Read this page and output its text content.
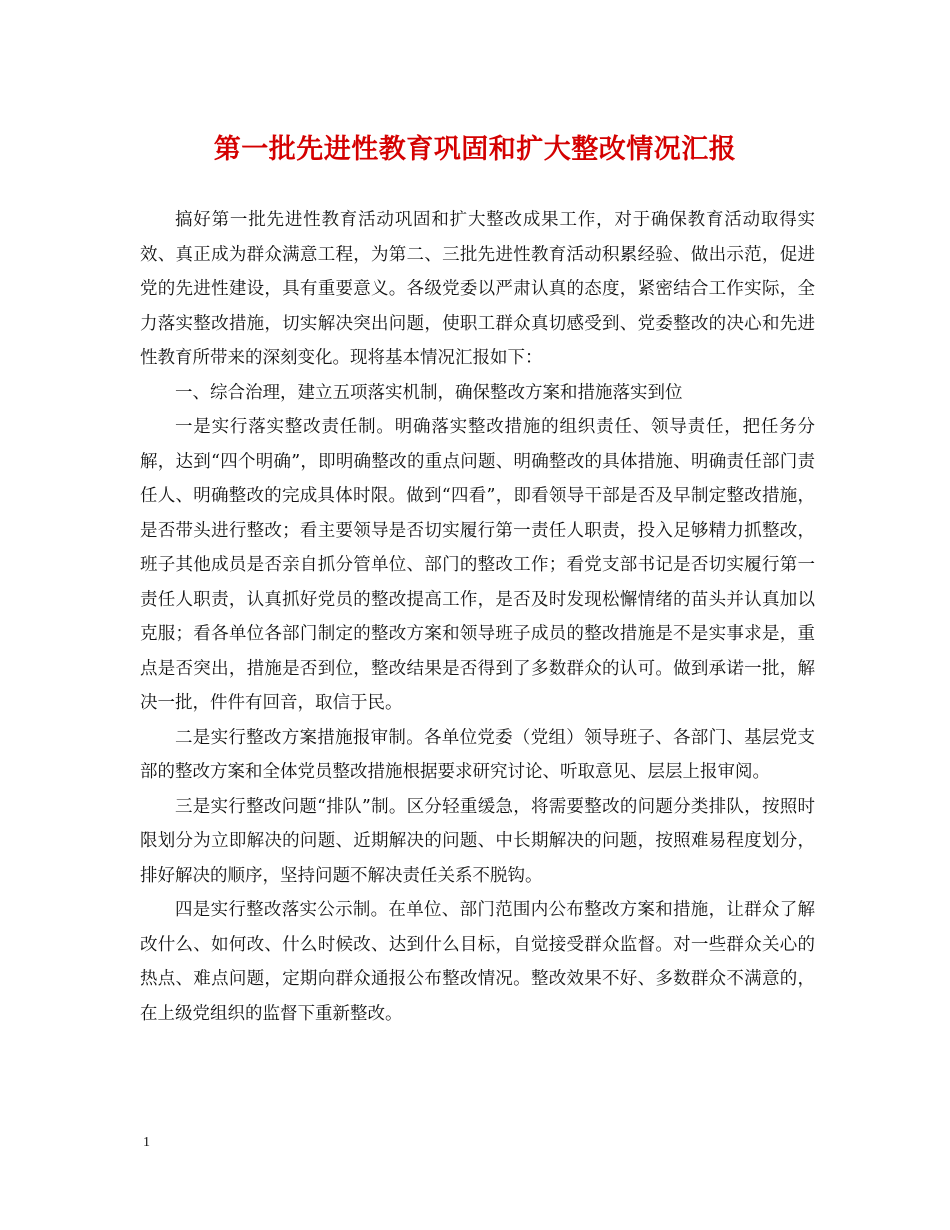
第一批先进性教育巩固和扩大整改情况汇报

搞好第一批先进性教育活动巩固和扩大整改成果工作，对于确保教育活动取得实效、真正成为群众满意工程，为第二、三批先进性教育活动积累经验、做出示范，促进党的先进性建设，具有重要意义。各级党委以严肃认真的态度，紧密结合工作实际，全力落实整改措施，切实解决突出问题，使职工群众真切感受到、党委整改的决心和先进性教育所带来的深刻变化。现将基本情况汇报如下：

一、综合治理，建立五项落实机制，确保整改方案和措施落实到位

一是实行落实整改责任制。明确落实整改措施的组织责任、领导责任，把任务分解，达到“四个明确”，即明确整改的重点问题、明确整改的具体措施、明确责任部门责任人、明确整改的完成具体时限。做到“四看”，即看领导干部是否及早制定整改措施，是否带头进行整改；看主要领导是否切实履行第一责任人职责，投入足够精力抓整改，班子其他成员是否亲自抓分管单位、部门的整改工作；看党支部书记是否切实履行第一责任人职责，认真抓好党员的整改提高工作，是否及时发现松懈情绪的苗头并认真加以克服；看各单位各部门制定的整改方案和领导班子成员的整改措施是不是实事求是，重点是否突出，措施是否到位，整改结果是否得到了多数群众的认可。做到承诺一批，解决一批，件件有回音，取信于民。

二是实行整改方案措施报审制。各单位党委（党组）领导班子、各部门、基层党支部的整改方案和全体党员整改措施根据要求研究讨论、听取意见、层层上报审阅。

三是实行整改问题“排队”制。区分轻重缓急，将需要整改的问题分类排队，按照时限划分为立即解决的问题、近期解决的问题、中长期解决的问题，按照难易程度划分，排好解决的顺序，坚持问题不解决责任关系不脱钩。

四是实行整改落实公示制。在单位、部门范围内公布整改方案和措施，让群众了解改什么、如何改、什么时候改、达到什么目标，自觉接受群众监督。对一些群众关心的热点、难点问题，定期向群众通报公布整改情况。整改效果不好、多数群众不满意的，在上级党组织的监督下重新整改。

1
